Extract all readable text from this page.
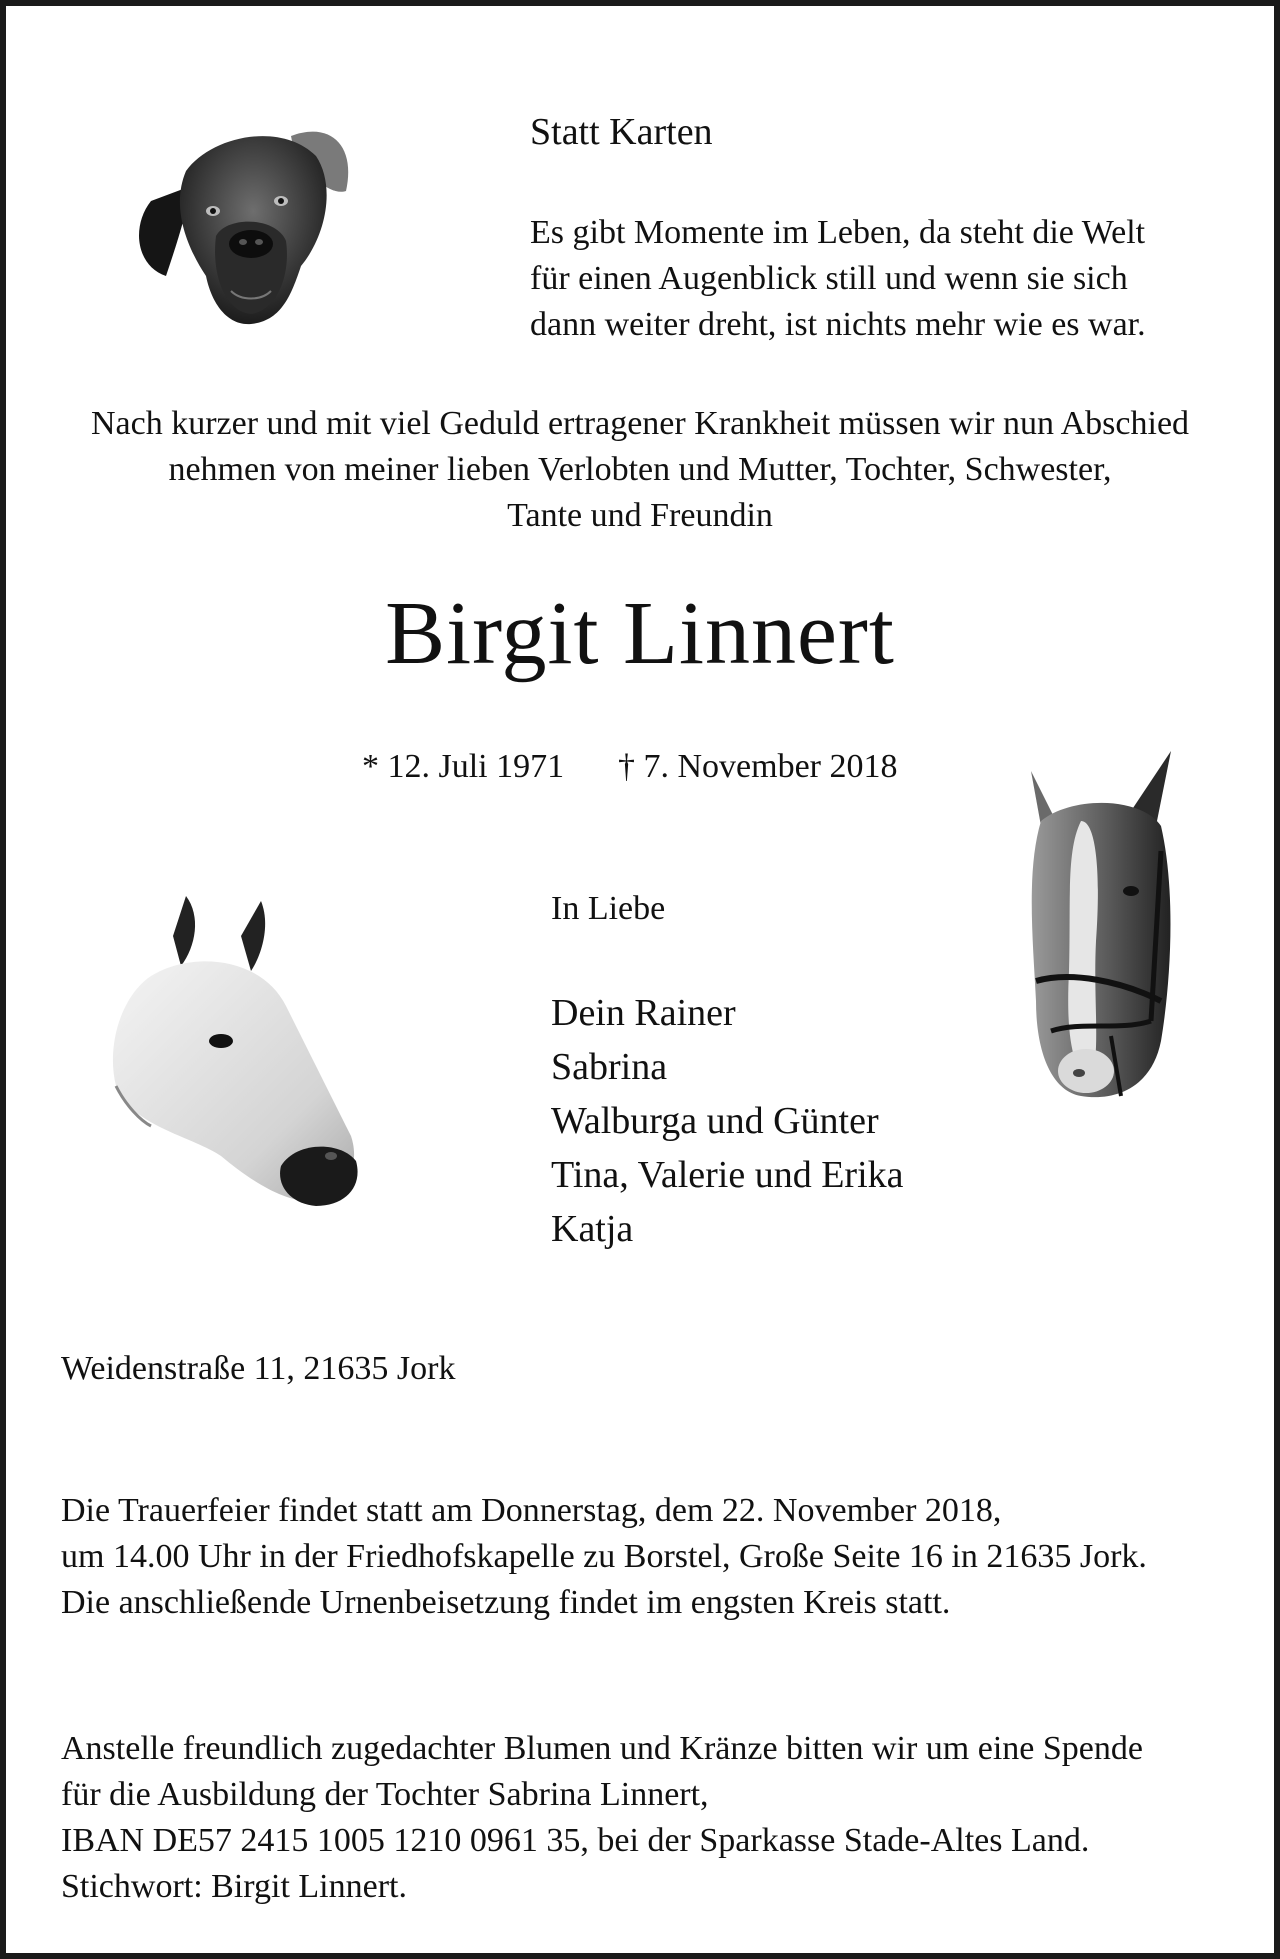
Statt Karten
Es gibt Momente im Leben, da steht die Welt
für einen Augenblick still und wenn sie sich
dann weiter dreht, ist nichts mehr wie es war.
Nach kurzer und mit viel Geduld ertragener Krankheit müssen wir nun Abschied
nehmen von meiner lieben Verlobten und Mutter, Tochter, Schwester,
Tante und Freundin
Birgit Linnert
* 12. Juli 1971 † 7. November 2018
In Liebe
Dein Rainer
Sabrina
Walburga und Günter
Tina, Valerie und Erika
Katja
Weidenstraße 11, 21635 Jork
Die Trauerfeier findet statt am Donnerstag, dem 22. November 2018,
um 14.00 Uhr in der Friedhofskapelle zu Borstel, Große Seite 16 in 21635 Jork.
Die anschließende Urnenbeisetzung findet im engsten Kreis statt.
Anstelle freundlich zugedachter Blumen und Kränze bitten wir um eine Spende
für die Ausbildung der Tochter Sabrina Linnert,
IBAN DE57 2415 1005 1210 0961 35, bei der Sparkasse Stade-Altes Land.
Stichwort: Birgit Linnert.
